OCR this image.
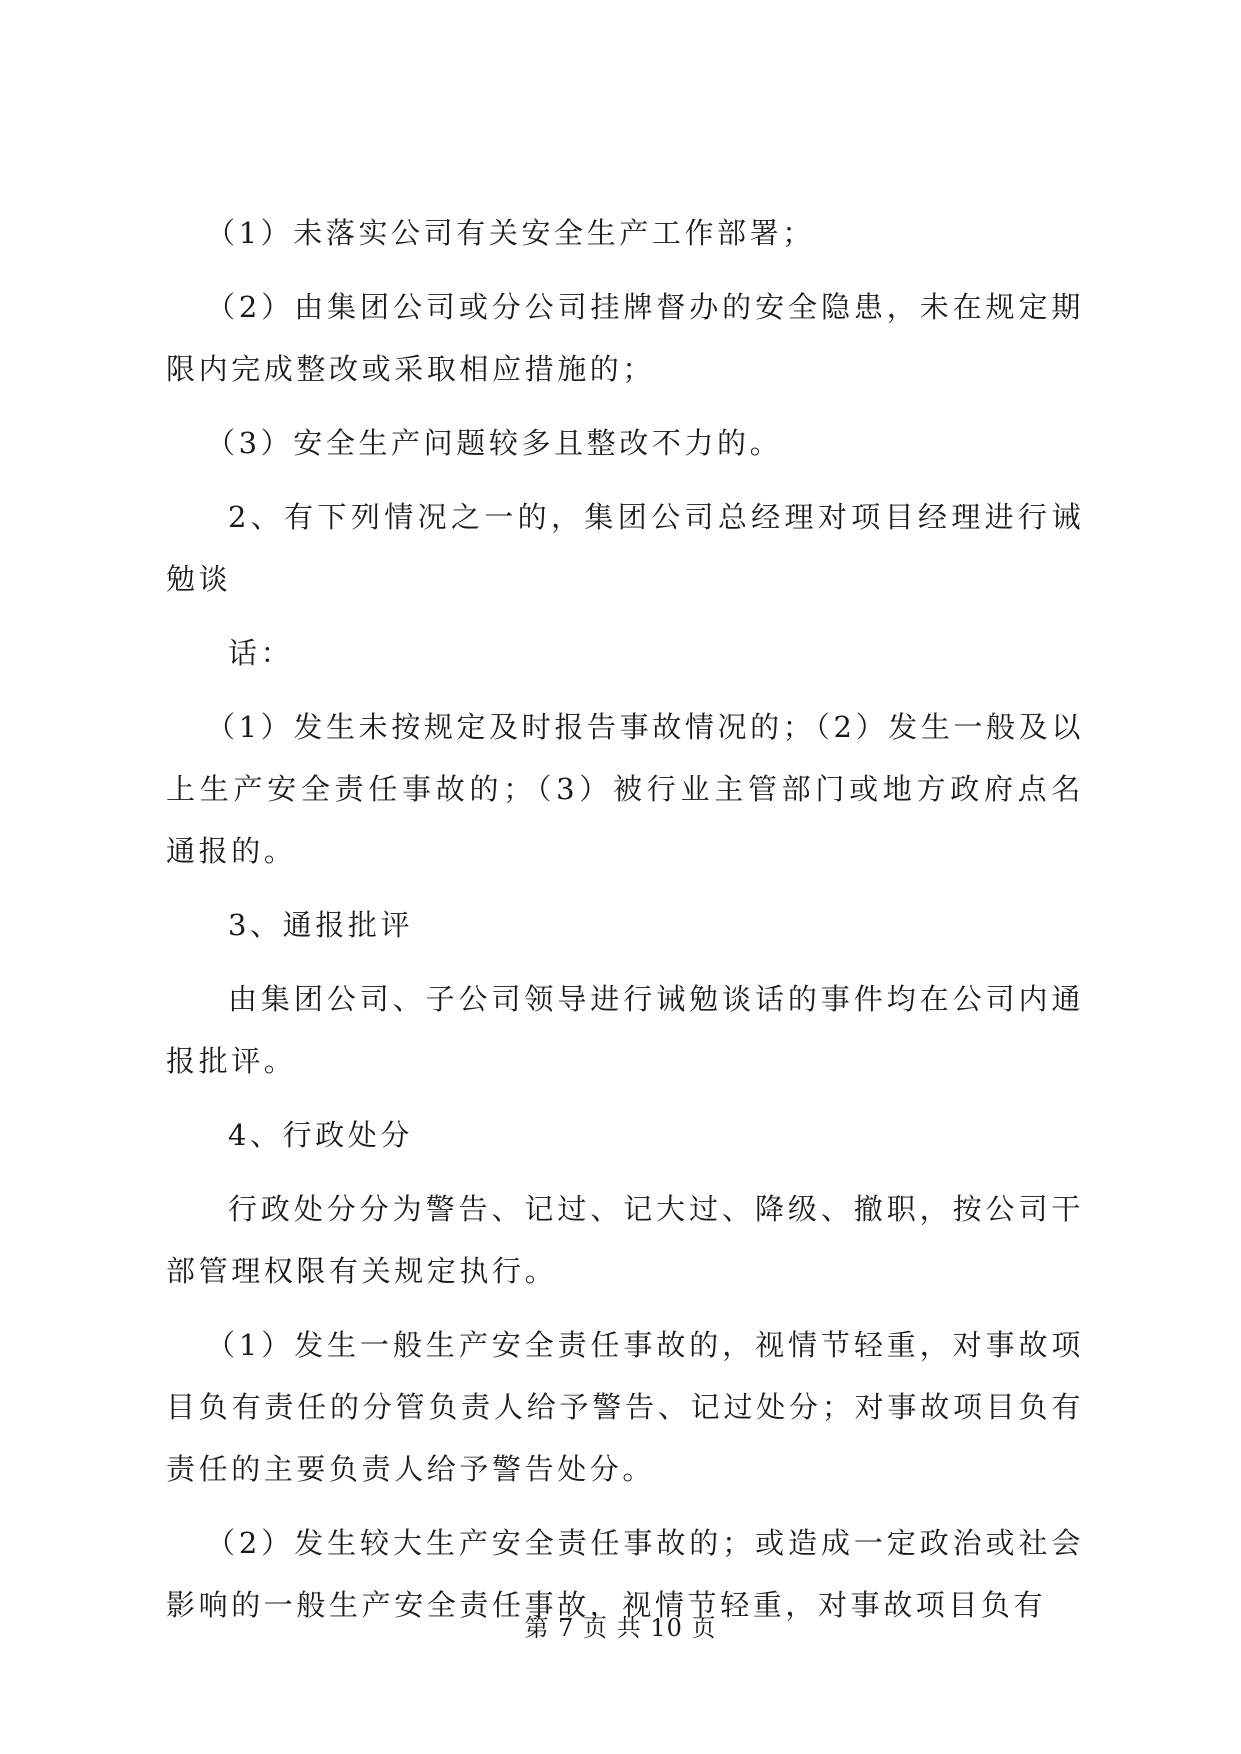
（1）未落实公司有关安全生产工作部署；

（2）由集团公司或分公司挂牌督办的安全隐患，未在规定期限内完成整改或采取相应措施的；

（3）安全生产问题较多且整改不力的。

2、有下列情况之一的，集团公司总经理对项目经理进行诫勉谈

话：

（1）发生未按规定及时报告事故情况的；（2）发生一般及以上生产安全责任事故的；（3）被行业主管部门或地方政府点名通报的。

3、通报批评

由集团公司、子公司领导进行诫勉谈话的事件均在公司内通报批评。

4、行政处分

行政处分分为警告、记过、记大过、降级、撤职，按公司干部管理权限有关规定执行。

（1）发生一般生产安全责任事故的，视情节轻重，对事故项目负有责任的分管负责人给予警告、记过处分；对事故项目负有责任的主要负责人给予警告处分。

（2）发生较大生产安全责任事故的；或造成一定政治或社会影响的一般生产安全责任事故，视情节轻重，对事故项目负有

第 7 页 共 10 页
